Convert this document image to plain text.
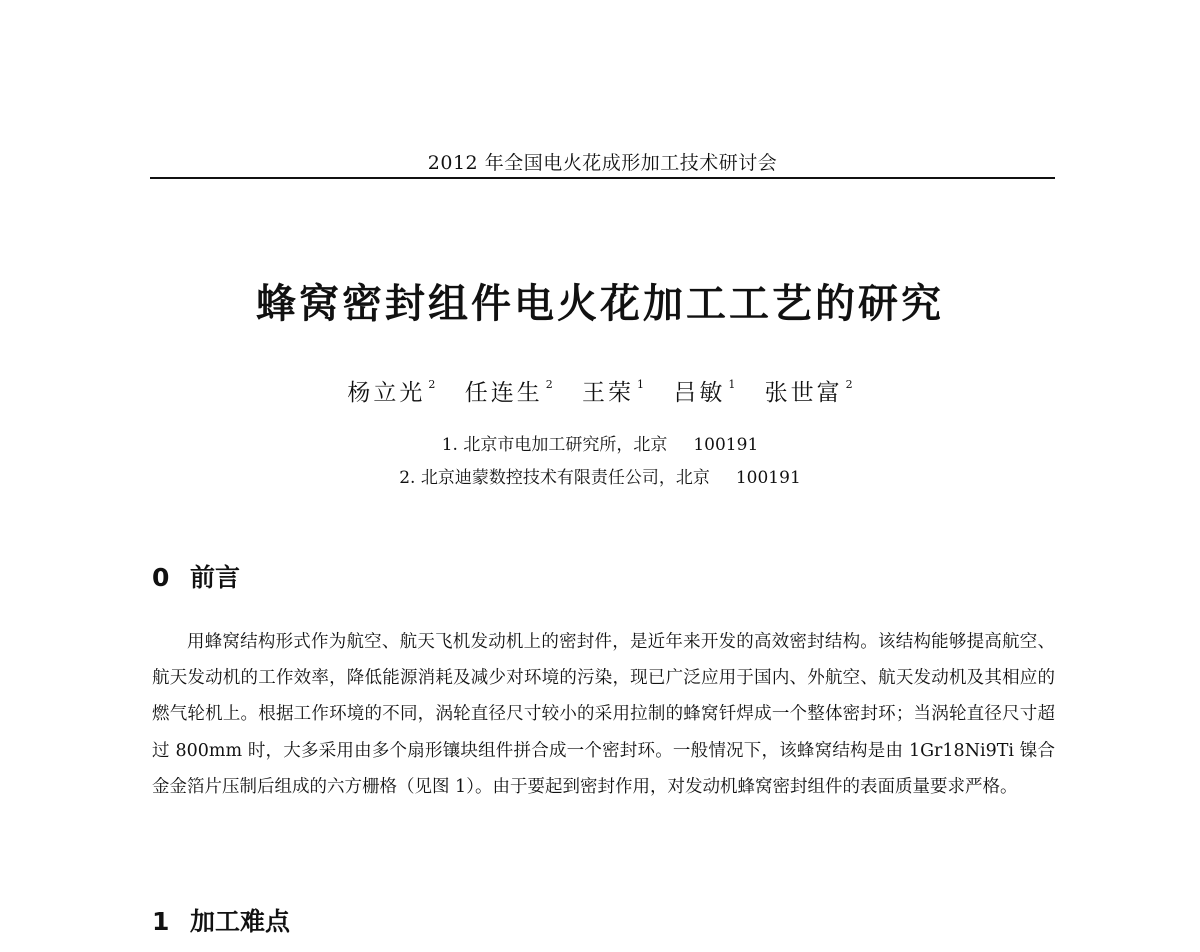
2012 年全国电火花成形加工技术研讨会
蜂窝密封组件电火花加工工艺的研究
杨立光 $^2$ 任连生 $^2$ 王荣 $^1$ 吕敏 $^1$ 张世富 $^2$
1. 北京市电加工研究所，北京 100191
2. 北京迪蒙数控技术有限责任公司，北京 100191
0 前言

用蜂窝结构形式作为航空、航天飞机发动机上的密封件，是近年来开发的高效密封结构。该结构能够提高航空、航天发动机的工作效率，降低能源消耗及减少对环境的污染，现已广泛应用于国内、外航空、航天发动机及其相应的燃气轮机上。根据工作环境的不同，涡轮直径尺寸较小的采用拉制的蜂窝钎焊成一个整体密封环；当涡轮直径尺寸超过 800mm 时，大多采用由多个扇形镶块组件拼合成一个密封环。一般情况下，该蜂窝结构是由 1Gr18Ni9Ti 镍合金金箔片压制后组成的六方栅格（见图 1）。由于要起到密封作用，对发动机蜂窝密封组件的表面质量要求严格。

1 加工难点
